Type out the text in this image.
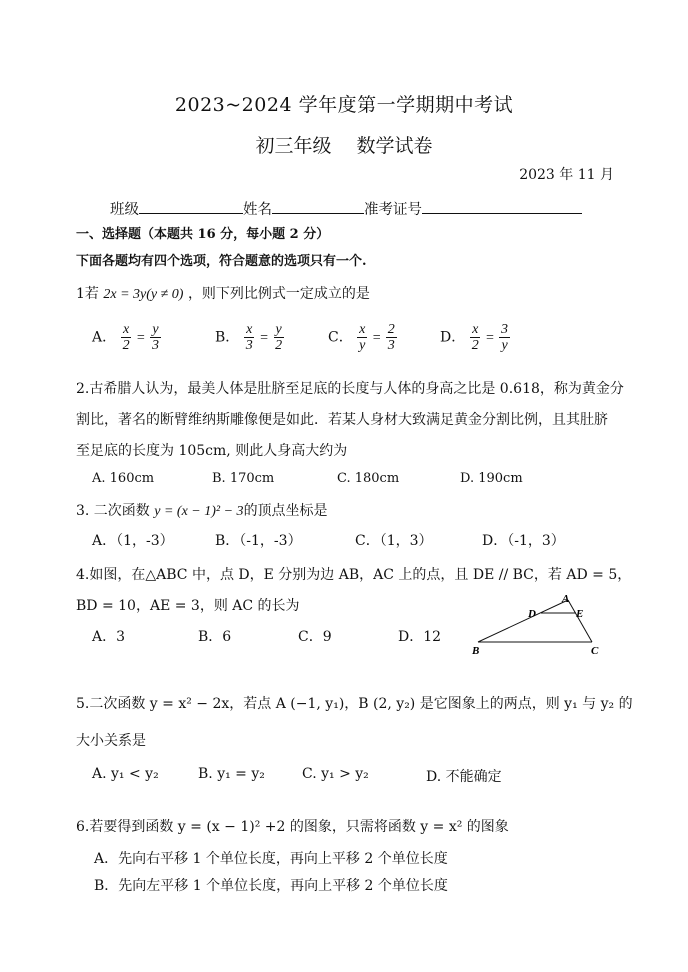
2023~2024 学年度第一学期期中考试
初三年级　 数学试卷
2023 年 11 月
班级	姓名	准考证号
一、选择题（本题共 16 分，每小题 2 分）
下面各题均有四个选项，符合题意的选项只有一个.
1若 2x = 3y(y ≠ 0) ，则下列比例式一定成立的是
A． $\frac{x}{2} = \frac{y}{3}$	B． $\frac{x}{3} = \frac{y}{2}$	C． $\frac{x}{y} = \frac{2}{3}$	D． $\frac{x}{2} = \frac{3}{y}$
2.古希腊人认为，最美人体是肚脐至足底的长度与人体的身高之比是 0.618，称为黄金分
割比，著名的断臂维纳斯雕像便是如此．若某人身材大致满足黄金分割比例，且其肚脐
至足底的长度为 105cm, 则此人身高大约为
A. 160cm	B. 170cm	C. 180cm	D. 190cm
3. 二次函数 y = (x − 1)² − 3的顶点坐标是
A．（1，-3）	B．（-1，-3）	C．（1，3）	D．（-1，3）
4.如图，在△ABC 中，点 D，E 分别为边 AB，AC 上的点，且 DE // BC，若 AD = 5，
BD = 10，AE = 3，则 AC 的长为
A．3	B．6	C．9	D．12
A
B	C
D	E
5.二次函数 y = x² − 2x，若点 A (−1, y₁)，B (2, y₂) 是它图象上的两点，则 y₁ 与 y₂ 的
大小关系是
A. y₁ < y₂	B. y₁ = y₂	C. y₁ > y₂	D. 不能确定
6.若要得到函数 y = (x − 1)² +2 的图象，只需将函数 y = x² 的图象
A．先向右平移 1 个单位长度，再向上平移 2 个单位长度
B．先向左平移 1 个单位长度，再向上平移 2 个单位长度
